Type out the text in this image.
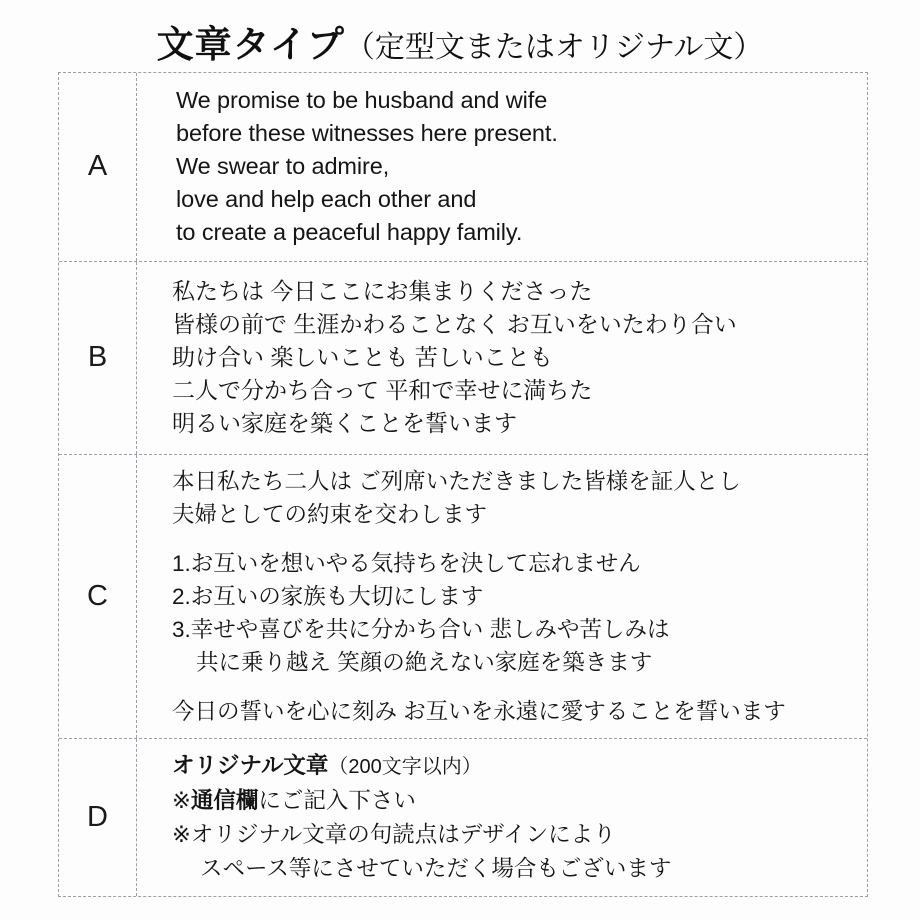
文章タイプ（定型文またはオリジナル文）
A
We promise to be husband and wife
before these witnesses here present.
We swear to admire,
love and help each other and
to create a peaceful happy family.
B
私たちは 今日ここにお集まりくださった
皆様の前で 生涯かわることなく お互いをいたわり合い
助け合い 楽しいことも 苦しいことも
二人で分かち合って 平和で幸せに満ちた
明るい家庭を築くことを誓います
C
本日私たち二人は ご列席いただきました皆様を証人とし
夫婦としての約束を交わします
1.お互いを想いやる気持ちを決して忘れません
2.お互いの家族も大切にします
3.幸せや喜びを共に分かち合い 悲しみや苦しみは
共に乗り越え 笑顔の絶えない家庭を築きます
今日の誓いを心に刻み お互いを永遠に愛することを誓います
D
オリジナル文章（200文字以内）
※通信欄にご記入下さい
※オリジナル文章の句読点はデザインにより
スペース等にさせていただく場合もございます
